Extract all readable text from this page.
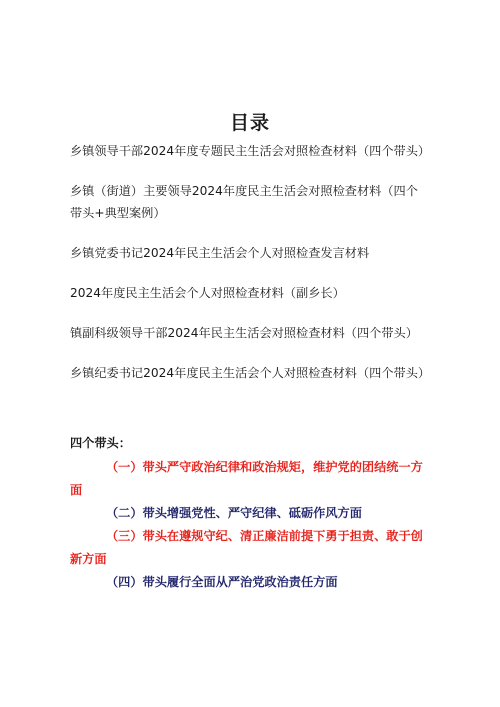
目录

乡镇领导干部2024年度专题民主生活会对照检查材料（四个带头）

乡镇（街道）主要领导2024年度民主生活会对照检查材料（四个带头+典型案例）

乡镇党委书记2024年民主生活会个人对照检查发言材料

2024年度民主生活会个人对照检查材料（副乡长）

镇副科级领导干部2024年民主生活会对照检查材料（四个带头）

乡镇纪委书记2024年度民主生活会个人对照检查材料（四个带头）

四个带头：

（一）带头严守政治纪律和政治规矩，维护党的团结统一方面

（二）带头增强党性、严守纪律、砥砺作风方面

（三）带头在遵规守纪、清正廉洁前提下勇于担责、敢于创新方面

（四）带头履行全面从严治党政治责任方面
